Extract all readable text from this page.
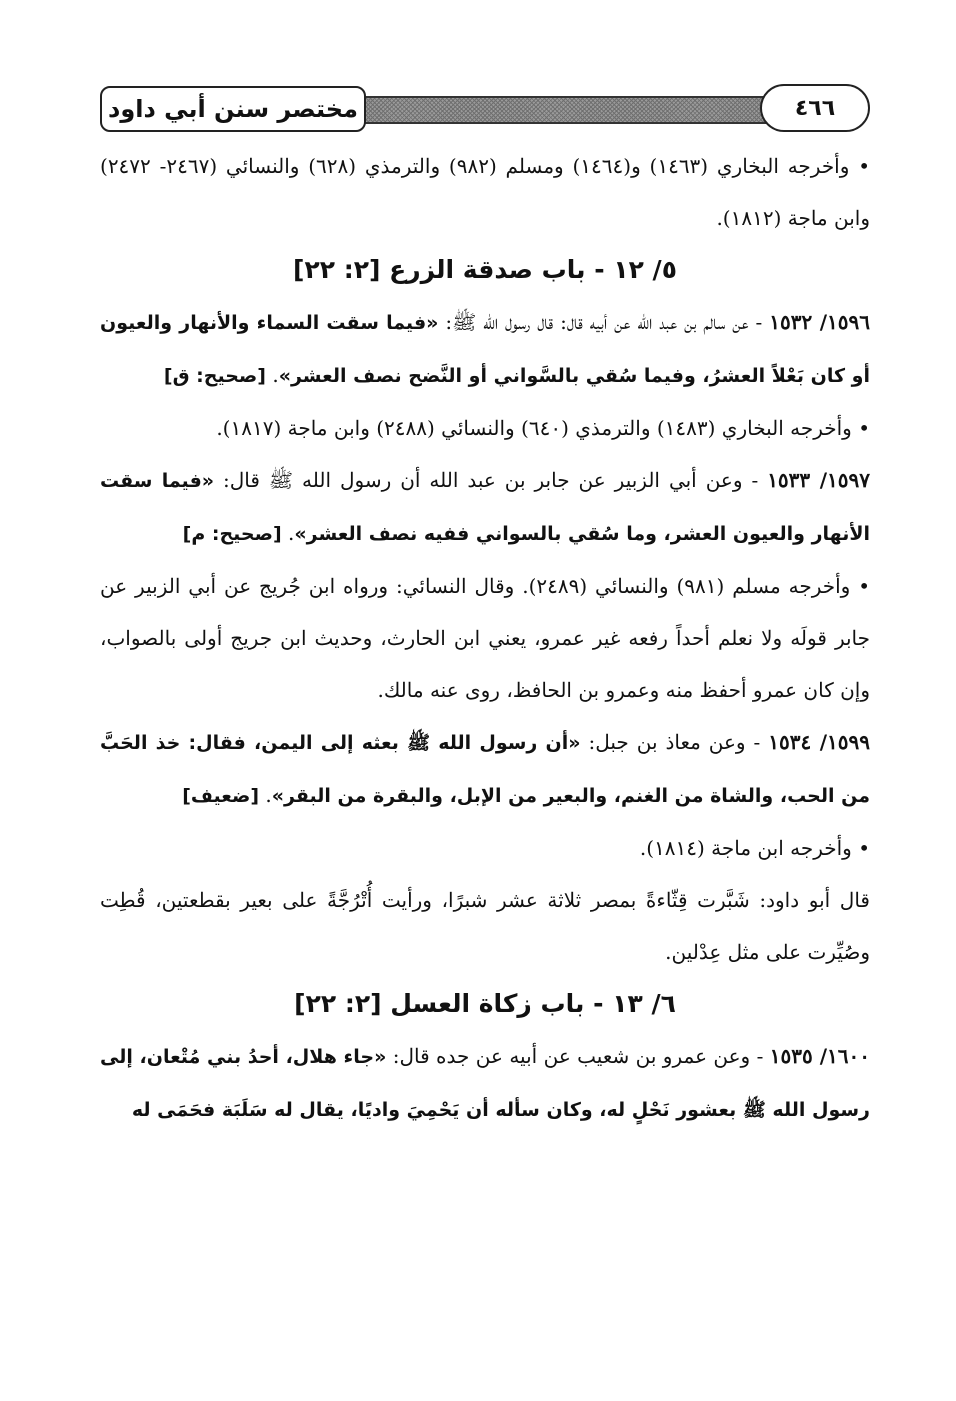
مختصر سنن أبي داود	٤٦٦

• وأخرجه البخاري (١٤٦٣) و(١٤٦٤) ومسلم (٩٨٢) والترمذي (٦٢٨) والنسائي (٢٤٦٧- ٢٤٧٢) وابن ماجة (١٨١٢).

٥/ ١٢ - باب صدقة الزرع [٢: ٢٢]

١٥٩٦/ ١٥٣٢ - عن سالم بن عبد الله عن أبيه قال: قال رسول الله ﷺ: «فيما سقت السماء والأنهار والعيون أو كان بَعْلاً العشرُ، وفيما سُقي بالسَّواني أو النَّضح نصف العشر». [صحيح: ق]

• وأخرجه البخاري (١٤٨٣) والترمذي (٦٤٠) والنسائي (٢٤٨٨) وابن ماجة (١٨١٧).

١٥٩٧/ ١٥٣٣ - وعن أبي الزبير عن جابر بن عبد الله أن رسول الله ﷺ قال: «فيما سقت الأنهار والعيون العشر، وما سُقي بالسواني ففيه نصف العشر». [صحيح: م]

• وأخرجه مسلم (٩٨١) والنسائي (٢٤٨٩). وقال النسائي: ورواه ابن جُريج عن أبي الزبير عن جابر قولَه ولا نعلم أحداً رفعه غير عمرو، يعني ابن الحارث، وحديث ابن جريج أولى بالصواب، وإن كان عمرو أحفظ منه وعمرو بن الحافظ، روى عنه مالك.

١٥٩٩/ ١٥٣٤ - وعن معاذ بن جبل: «أن رسول الله ﷺ بعثه إلى اليمن، فقال: خذ الحَبَّ من الحب، والشاة من الغنم، والبعير من الإبل، والبقرة من البقر». [ضعيف]

• وأخرجه ابن ماجة (١٨١٤).

قال أبو داود: شَبَّرت قِثّاءةً بمصر ثلاثة عشر شبرًا، ورأيت أُتْرُجَّةً على بعير بقطعتين، قُطِت وصُيِّرت على مثل عِدْلين.

٦/ ١٣ - باب زكاة العسل [٢: ٢٢]

١٦٠٠/ ١٥٣٥ - وعن عمرو بن شعيب عن أبيه عن جده قال: «جاء هلال، أحدُ بني مُتْعان، إلى رسول الله ﷺ بعشور نَحْلٍ له، وكان سأله أن يَحْمِيَ واديًا، يقال له سَلَبَة فحَمَى له
